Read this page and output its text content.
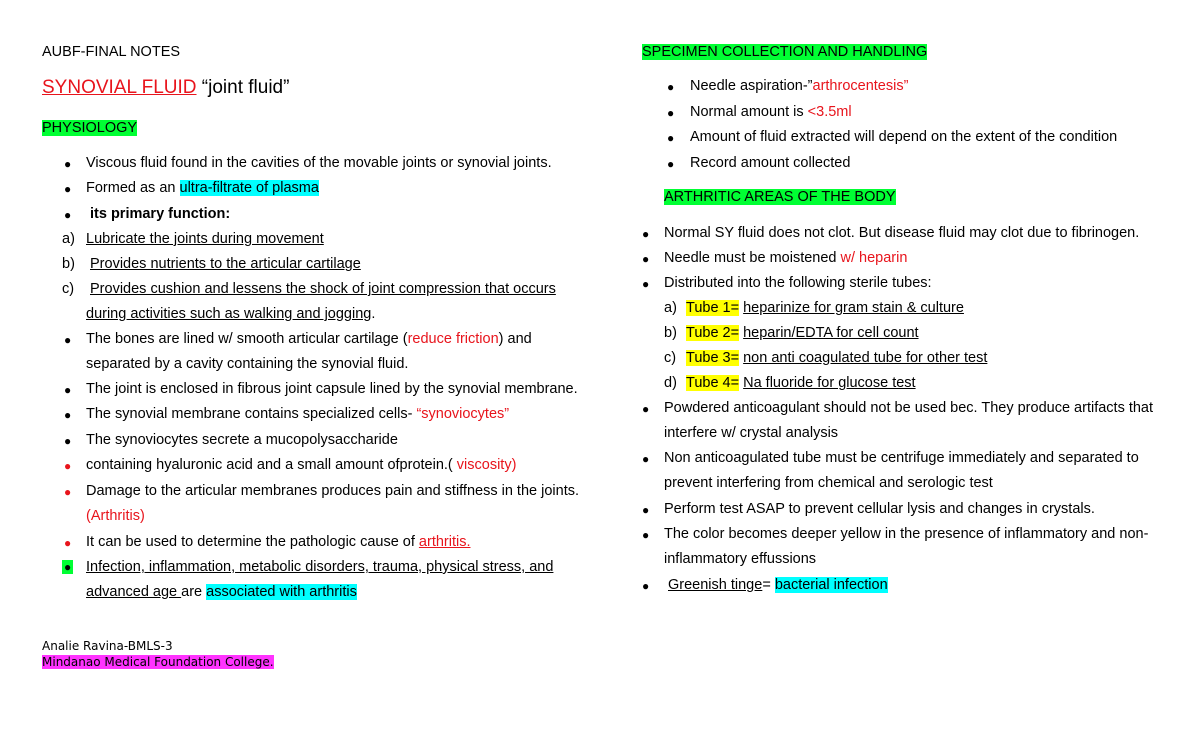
AUBF-FINAL NOTES
SYNOVIAL FLUID “joint fluid”
PHYSIOLOGY
● Viscous fluid found in the cavities of the movable joints or synovial joints.
● Formed as an ultra-filtrate of plasma
● its primary function:
a) Lubricate the joints during movement
b) Provides nutrients to the articular cartilage
c) Provides cushion and lessens the shock of joint compression that occurs
during activities such as walking and jogging.
● The bones are lined w/ smooth articular cartilage (reduce friction) and
separated by a cavity containing the synovial fluid.
● The joint is enclosed in fibrous joint capsule lined by the synovial membrane.
● The synovial membrane contains specialized cells- “synoviocytes”
● The synoviocytes secrete a mucopolysaccharide
● containing hyaluronic acid and a small amount ofprotein.( viscosity)
● Damage to the articular membranes produces pain and stiffness in the joints.
(Arthritis)
● It can be used to determine the pathologic cause of arthritis.
● Infection, inflammation, metabolic disorders, trauma, physical stress, and
advanced age are associated with arthritis
Analie Ravina-BMLS-3
Mindanao Medical Foundation College.
SPECIMEN COLLECTION AND HANDLING
● Needle aspiration-”arthrocentesis”
● Normal amount is <3.5ml
● Amount of fluid extracted will depend on the extent of the condition
● Record amount collected
ARTHRITIC AREAS OF THE BODY
● Normal SY fluid does not clot. But disease fluid may clot due to fibrinogen.
● Needle must be moistened w/ heparin
● Distributed into the following sterile tubes:
a) Tube 1= heparinize for gram stain & culture
b) Tube 2= heparin/EDTA for cell count
c) Tube 3= non anti coagulated tube for other test
d) Tube 4= Na fluoride for glucose test
● Powdered anticoagulant should not be used bec. They produce artifacts that
interfere w/ crystal analysis
● Non anticoagulated tube must be centrifuge immediately and separated to
prevent interfering from chemical and serologic test
● Perform test ASAP to prevent cellular lysis and changes in crystals.
● The color becomes deeper yellow in the presence of inflammatory and non-
inflammatory effussions
● Greenish tinge= bacterial infection
